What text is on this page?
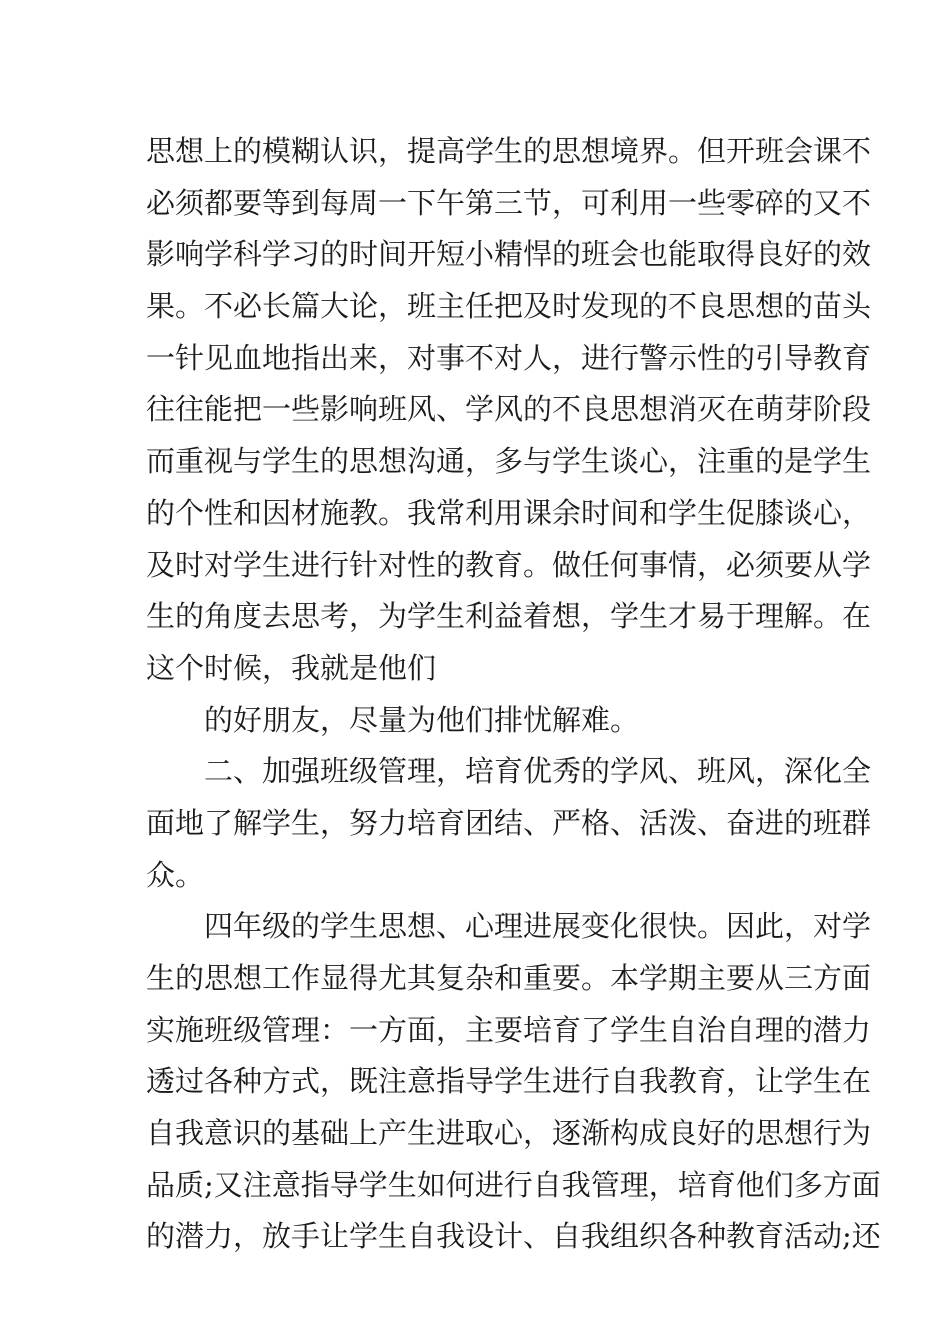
思想上的模糊认识，提高学生的思想境界。但开班会课不
必须都要等到每周一下午第三节，可利用一些零碎的又不
影响学科学习的时间开短小精悍的班会也能取得良好的效
果。不必长篇大论，班主任把及时发现的不良思想的苗头
一针见血地指出来，对事不对人，进行警示性的引导教育
往往能把一些影响班风、学风的不良思想消灭在萌芽阶段
而重视与学生的思想沟通，多与学生谈心，注重的是学生
的个性和因材施教。我常利用课余时间和学生促膝谈心，
及时对学生进行针对性的教育。做任何事情，必须要从学
生的角度去思考，为学生利益着想，学生才易于理解。在
这个时候，我就是他们
的好朋友，尽量为他们排忧解难。
二、加强班级管理，培育优秀的学风、班风，深化全
面地了解学生，努力培育团结、严格、活泼、奋进的班群
众。
四年级的学生思想、心理进展变化很快。因此，对学
生的思想工作显得尤其复杂和重要。本学期主要从三方面
实施班级管理：一方面，主要培育了学生自治自理的潜力
透过各种方式，既注意指导学生进行自我教育，让学生在
自我意识的基础上产生进取心，逐渐构成良好的思想行为
品质;又注意指导学生如何进行自我管理，培育他们多方面
的潜力，放手让学生自我设计、自我组织各种教育活动;还
